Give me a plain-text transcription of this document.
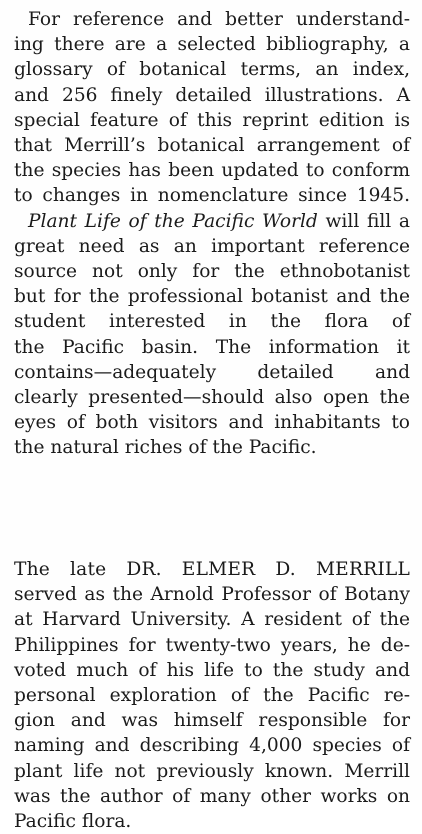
For reference and better understand-
ing there are a selected bibliography, a
glossary of botanical terms, an index,
and 256 finely detailed illustrations. A
special feature of this reprint edition is
that Merrill’s botanical arrangement of
the species has been updated to conform
to changes in nomenclature since 1945.
Plant Life of the Pacific World will fill a
great need as an important reference
source not only for the ethnobotanist
but for the professional botanist and the
student interested in the flora of
the Pacific basin. The information it
contains—adequately detailed and
clearly presented—should also open the
eyes of both visitors and inhabitants to
the natural riches of the Pacific.
The late DR. ELMER D. MERRILL
served as the Arnold Professor of Botany
at Harvard University. A resident of the
Philippines for twenty-two years, he de-
voted much of his life to the study and
personal exploration of the Pacific re-
gion and was himself responsible for
naming and describing 4,000 species of
plant life not previously known. Merrill
was the author of many other works on
Pacific flora.
